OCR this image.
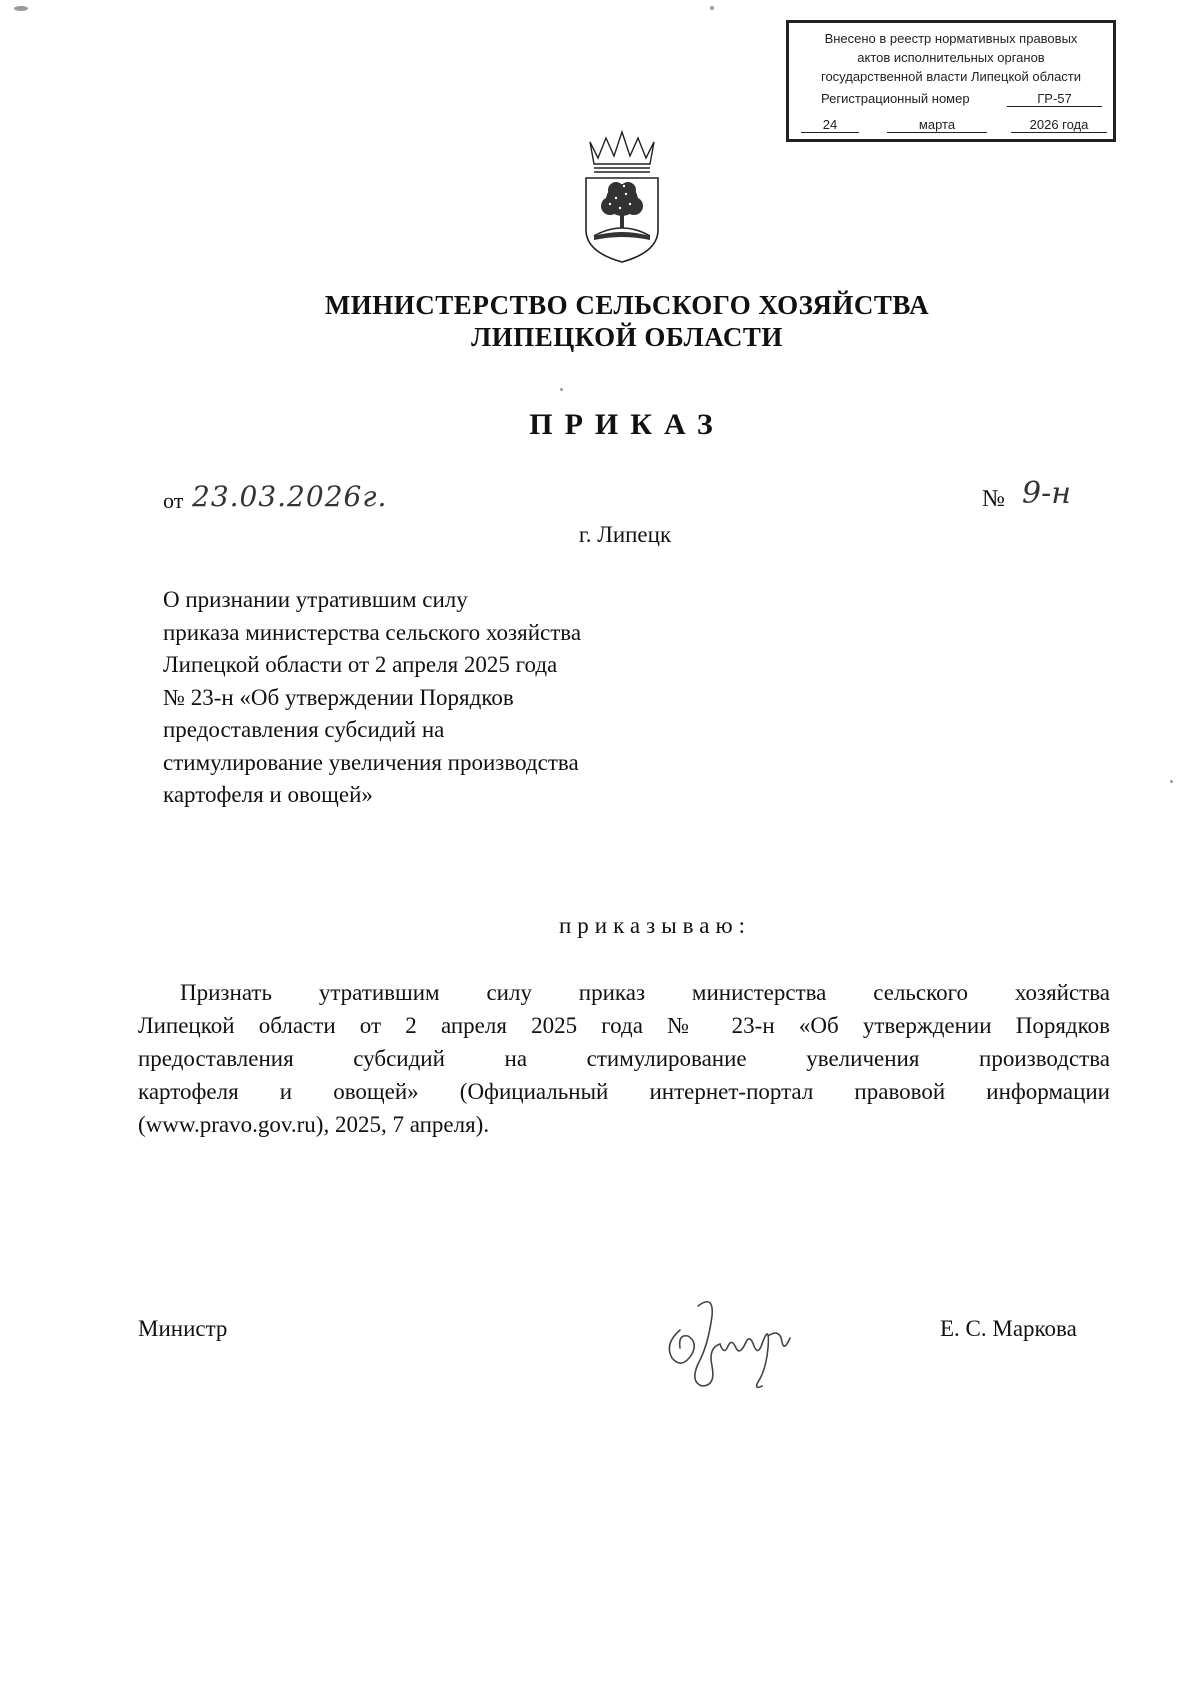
Внесено в реестр нормативных правовых
актов исполнительных органов
государственной власти Липецкой области
Регистрационный номер	ГР-57
24	марта	2026 года
МИНИСТЕРСТВО СЕЛЬСКОГО ХОЗЯЙСТВА
ЛИПЕЦКОЙ ОБЛАСТИ
ПРИКАЗ
от 23.03.2026г.	№ 9-н
г. Липецк
О признании утратившим силу
приказа министерства сельского хозяйства
Липецкой области от 2 апреля 2025 года
№ 23-н «Об утверждении Порядков
предоставления субсидий на
стимулирование увеличения производства
картофеля и овощей»
приказываю:
Признать утратившим силу приказ министерства сельского хозяйства
Липецкой области от 2 апреля 2025 года № 23-н «Об утверждении Порядков
предоставления субсидий на стимулирование увеличения производства
картофеля и овощей» (Официальный интернет-портал правовой информации
(www.pravo.gov.ru), 2025, 7 апреля).
Министр	Е. С. Маркова
